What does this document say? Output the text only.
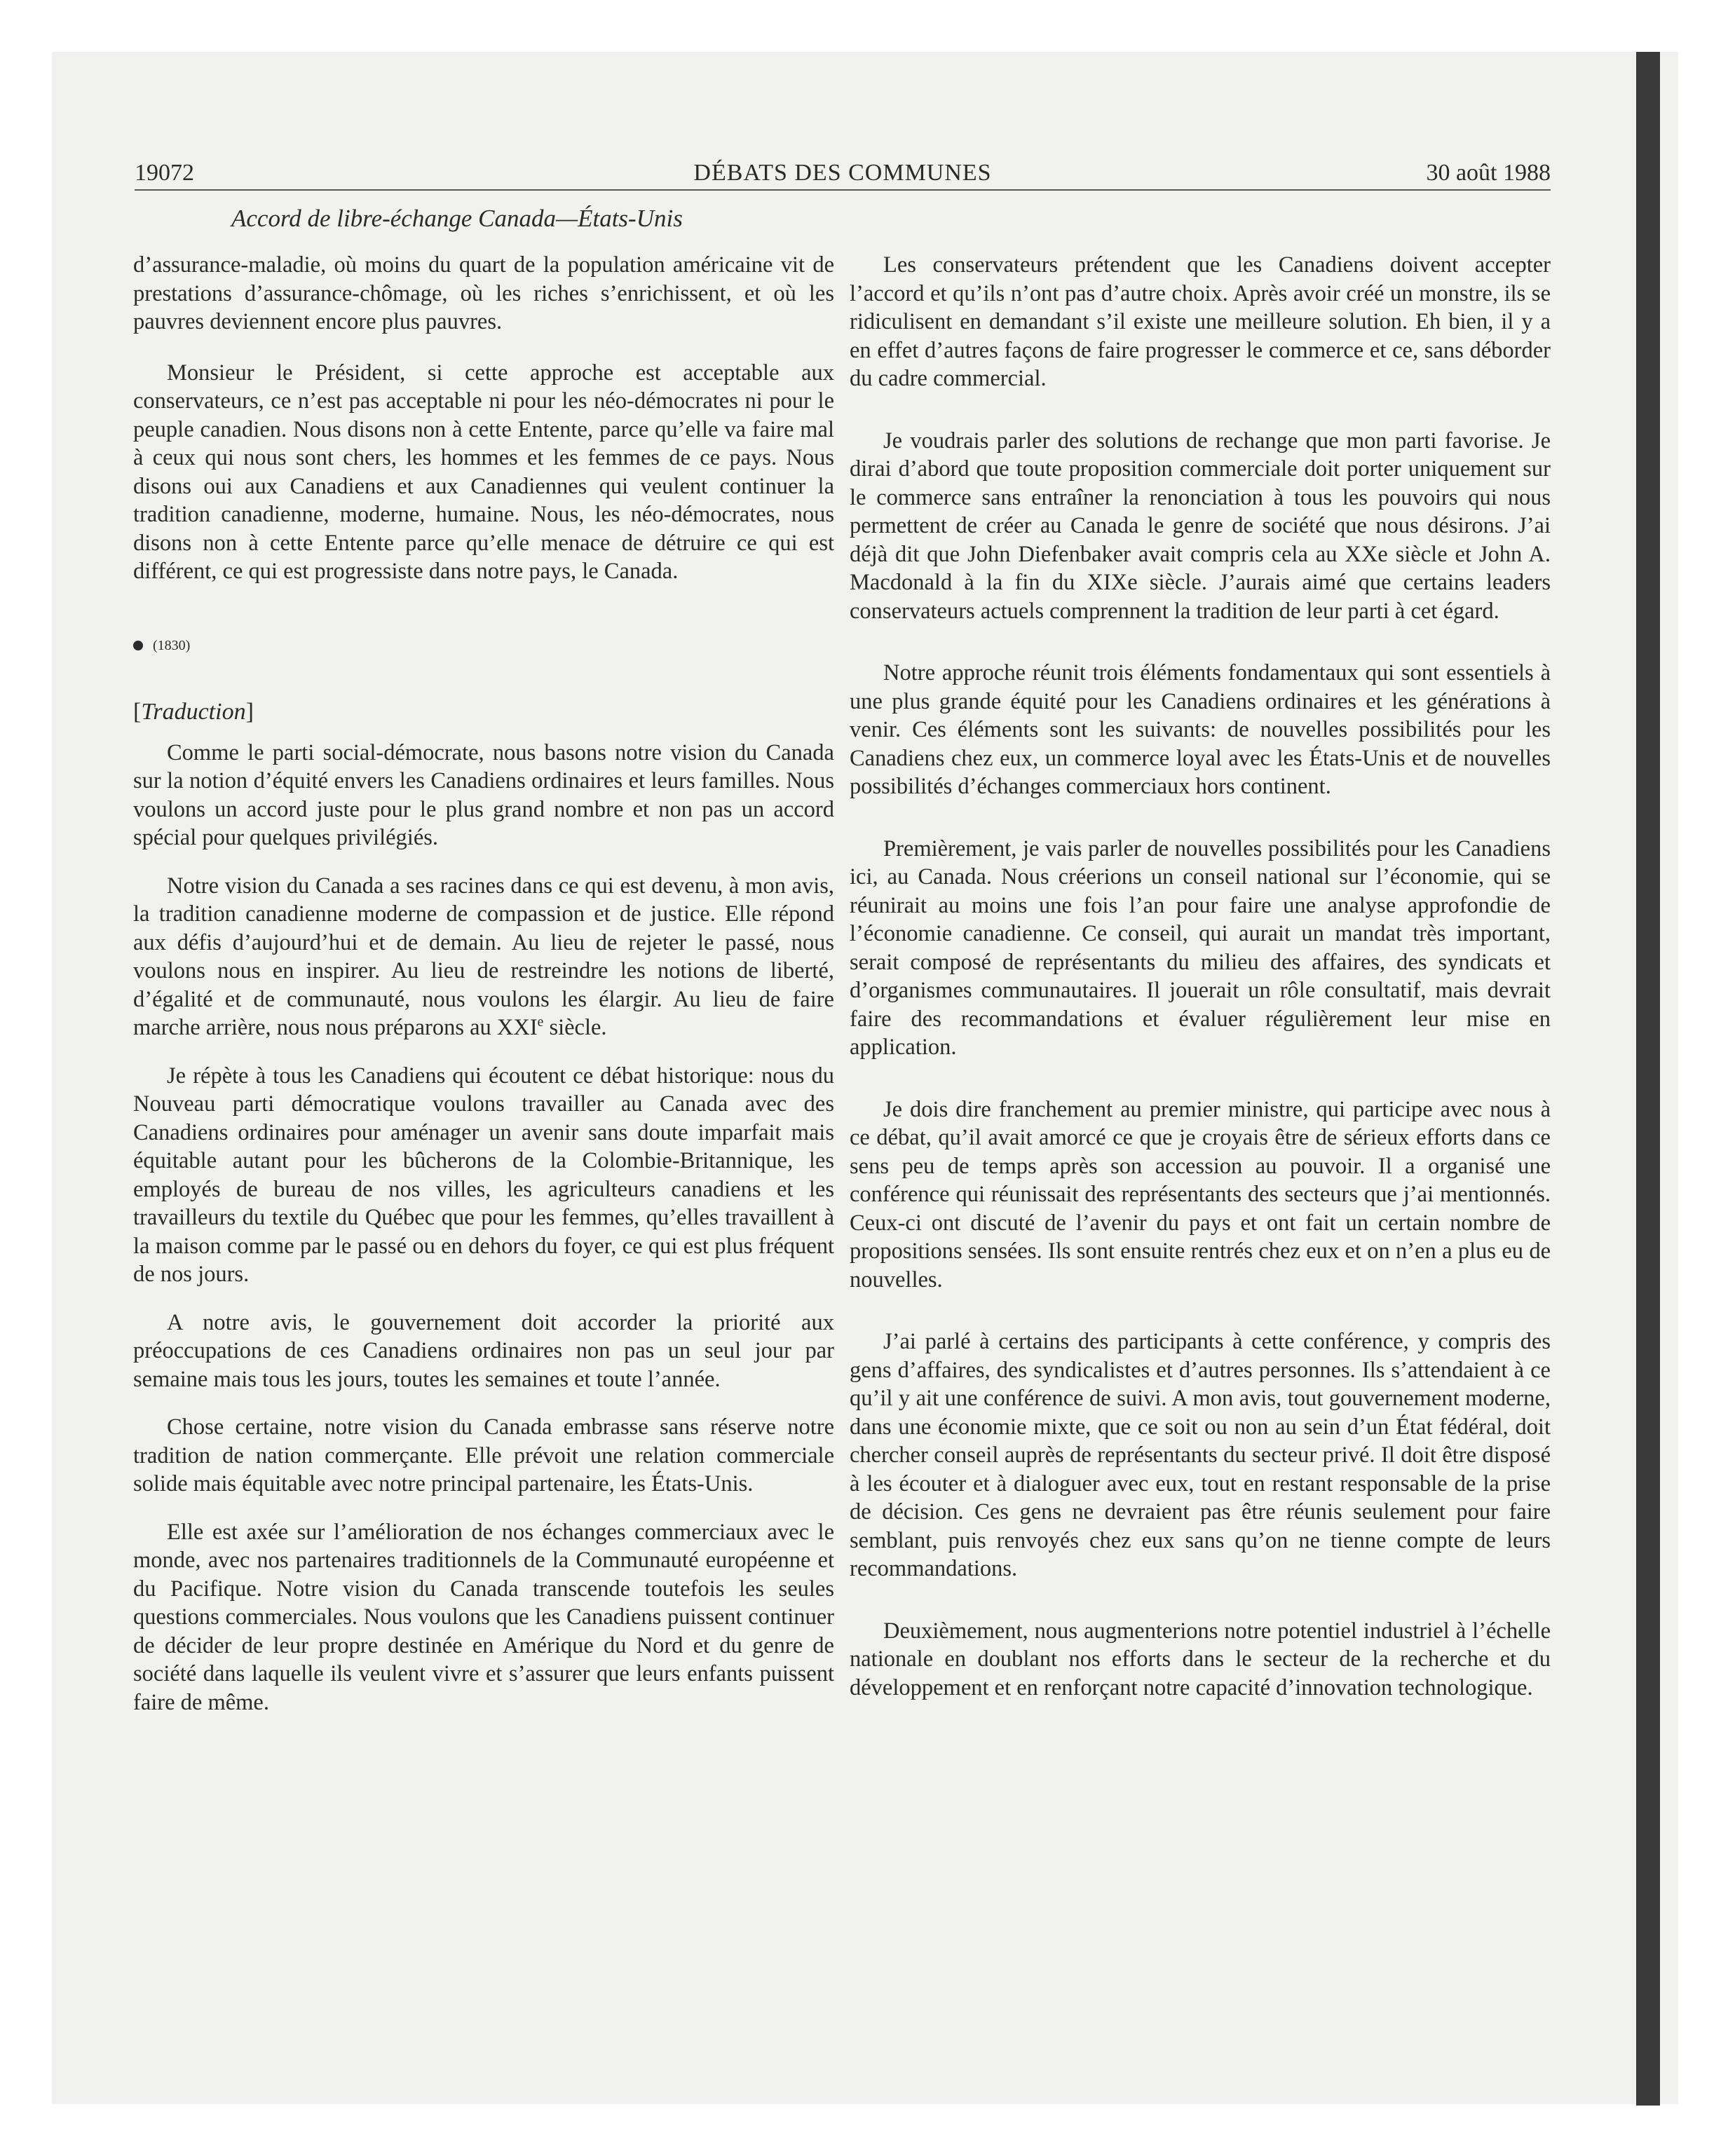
19072	DÉBATS DES COMMUNES	30 août 1988
Accord de libre-échange Canada—États-Unis

d’assurance-maladie, où moins du quart de la population américaine vit de prestations d’assurance-chômage, où les riches s’enrichissent, et où les pauvres deviennent encore plus pauvres.

Monsieur le Président, si cette approche est acceptable aux conservateurs, ce n’est pas acceptable ni pour les néo-démocrates ni pour le peuple canadien. Nous disons non à cette Entente, parce qu’elle va faire mal à ceux qui nous sont chers, les hommes et les femmes de ce pays. Nous disons oui aux Canadiens et aux Canadiennes qui veulent continuer la tradition canadienne, moderne, humaine. Nous, les néo-démocrates, nous disons non à cette Entente parce qu’elle menace de détruire ce qui est différent, ce qui est progressiste dans notre pays, le Canada.

(1830)

[Traduction]

Comme le parti social-démocrate, nous basons notre vision du Canada sur la notion d’équité envers les Canadiens ordinaires et leurs familles. Nous voulons un accord juste pour le plus grand nombre et non pas un accord spécial pour quelques privilégiés.

Notre vision du Canada a ses racines dans ce qui est devenu, à mon avis, la tradition canadienne moderne de compassion et de justice. Elle répond aux défis d’aujourd’hui et de demain. Au lieu de rejeter le passé, nous voulons nous en inspirer. Au lieu de restreindre les notions de liberté, d’égalité et de communauté, nous voulons les élargir. Au lieu de faire marche arrière, nous nous préparons au XXIe siècle.

Je répète à tous les Canadiens qui écoutent ce débat historique: nous du Nouveau parti démocratique voulons travailler au Canada avec des Canadiens ordinaires pour aménager un avenir sans doute imparfait mais équitable autant pour les bûcherons de la Colombie-Britannique, les employés de bureau de nos villes, les agriculteurs canadiens et les travailleurs du textile du Québec que pour les femmes, qu’elles travaillent à la maison comme par le passé ou en dehors du foyer, ce qui est plus fréquent de nos jours.

A notre avis, le gouvernement doit accorder la priorité aux préoccupations de ces Canadiens ordinaires non pas un seul jour par semaine mais tous les jours, toutes les semaines et toute l’année.

Chose certaine, notre vision du Canada embrasse sans réserve notre tradition de nation commerçante. Elle prévoit une relation commerciale solide mais équitable avec notre principal partenaire, les États-Unis.

Elle est axée sur l’amélioration de nos échanges commerciaux avec le monde, avec nos partenaires traditionnels de la Communauté européenne et du Pacifique. Notre vision du Canada transcende toutefois les seules questions commerciales. Nous voulons que les Canadiens puissent continuer de décider de leur propre destinée en Amérique du Nord et du genre de société dans laquelle ils veulent vivre et s’assurer que leurs enfants puissent faire de même.

Les conservateurs prétendent que les Canadiens doivent accepter l’accord et qu’ils n’ont pas d’autre choix. Après avoir créé un monstre, ils se ridiculisent en demandant s’il existe une meilleure solution. Eh bien, il y a en effet d’autres façons de faire progresser le commerce et ce, sans déborder du cadre commercial.

Je voudrais parler des solutions de rechange que mon parti favorise. Je dirai d’abord que toute proposition commerciale doit porter uniquement sur le commerce sans entraîner la renonciation à tous les pouvoirs qui nous permettent de créer au Canada le genre de société que nous désirons. J’ai déjà dit que John Diefenbaker avait compris cela au XXe siècle et John A. Macdonald à la fin du XIXe siècle. J’aurais aimé que certains leaders conservateurs actuels comprennent la tradition de leur parti à cet égard.

Notre approche réunit trois éléments fondamentaux qui sont essentiels à une plus grande équité pour les Canadiens ordinaires et les générations à venir. Ces éléments sont les suivants: de nouvelles possibilités pour les Canadiens chez eux, un commerce loyal avec les États-Unis et de nouvelles possibilités d’échanges commerciaux hors continent.

Premièrement, je vais parler de nouvelles possibilités pour les Canadiens ici, au Canada. Nous créerions un conseil national sur l’économie, qui se réunirait au moins une fois l’an pour faire une analyse approfondie de l’économie canadienne. Ce conseil, qui aurait un mandat très important, serait composé de représentants du milieu des affaires, des syndicats et d’organismes communautaires. Il jouerait un rôle consultatif, mais devrait faire des recommandations et évaluer régulièrement leur mise en application.

Je dois dire franchement au premier ministre, qui participe avec nous à ce débat, qu’il avait amorcé ce que je croyais être de sérieux efforts dans ce sens peu de temps après son accession au pouvoir. Il a organisé une conférence qui réunissait des représentants des secteurs que j’ai mentionnés. Ceux-ci ont discuté de l’avenir du pays et ont fait un certain nombre de propositions sensées. Ils sont ensuite rentrés chez eux et on n’en a plus eu de nouvelles.

J’ai parlé à certains des participants à cette conférence, y compris des gens d’affaires, des syndicalistes et d’autres personnes. Ils s’attendaient à ce qu’il y ait une conférence de suivi. A mon avis, tout gouvernement moderne, dans une économie mixte, que ce soit ou non au sein d’un État fédéral, doit chercher conseil auprès de représentants du secteur privé. Il doit être disposé à les écouter et à dialoguer avec eux, tout en restant responsable de la prise de décision. Ces gens ne devraient pas être réunis seulement pour faire semblant, puis renvoyés chez eux sans qu’on ne tienne compte de leurs recommandations.

Deuxièmement, nous augmenterions notre potentiel industriel à l’échelle nationale en doublant nos efforts dans le secteur de la recherche et du développement et en renforçant notre capacité d’innovation technologique.
